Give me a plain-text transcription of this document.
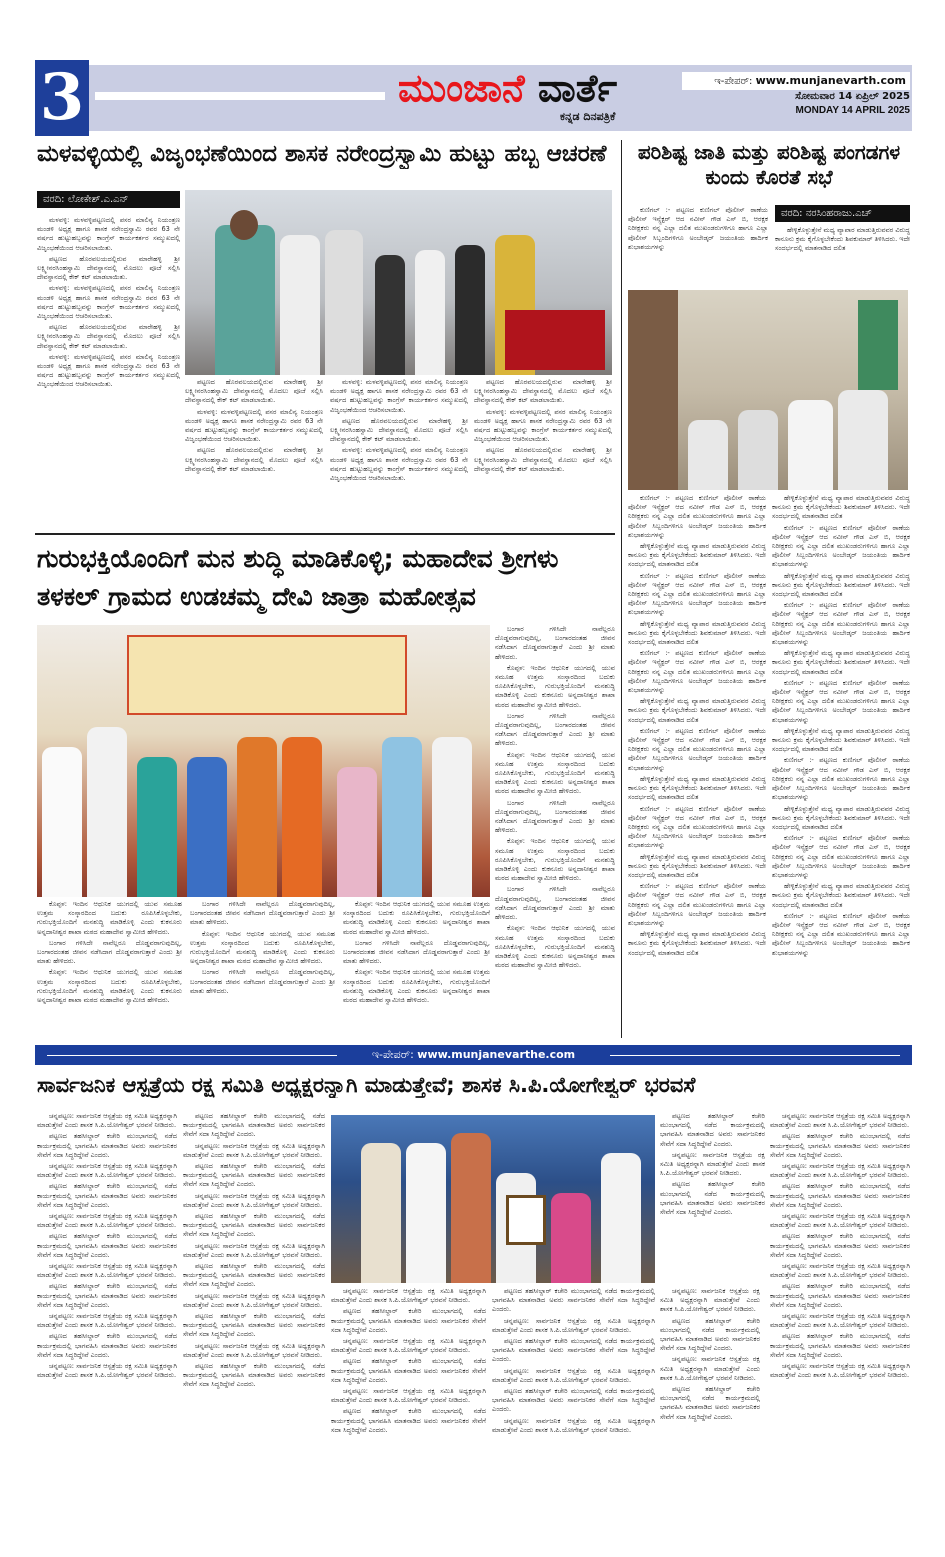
3	ಮುಂಜಾನೆ ವಾರ್ತೆ
ಕನ್ನಡ ದಿನಪತ್ರಿಕೆ
ಇ-ಪೇಪರ್: www.munjanevarth.com
ಸೋಮವಾರ 14 ಏಪ್ರಿಲ್ 2025
MONDAY 14 APRIL 2025
ಮಳವಳ್ಳಿಯಲ್ಲಿ ವಿಜೃಂಭಣೆಯಿಂದ ಶಾಸಕ ನರೇಂದ್ರಸ್ವಾಮಿ ಹುಟ್ಟು ಹಬ್ಬ ಆಚರಣೆ
ವರದಿ: ಲೋಕೇಶ್.ಎ.ಎನ್

ಮಳವಳ್ಳಿ: ಮಳವಳ್ಳಿಪಟ್ಟಣದಲ್ಲಿ ಪಸರ ಮಾಲಿನ್ಯ ನಿಯಂತ್ರಣ ಮಂಡಳಿ ಅಧ್ಯಕ್ಷ ಹಾಗೂ ಶಾಸಕ ನರೇಂದ್ರಸ್ವಾಮಿ ರವರ 63 ನೇ ವರ್ಷದ ಹುಟ್ಟುಹಬ್ಬವನ್ನು ಕಾಂಗ್ರೆಸ್ ಕಾರ್ಯಕರ್ತರ ಸಮ್ಮುಖದಲ್ಲಿ ವಿಜೃಂಭಣೆಯಿಂದ ಆಚರಿಸಲಾಯಿತು.

ಪಟ್ಟಣದ ಹೊರವಲಯದಲ್ಲಿರುವ ಮಾರೇಹಳ್ಳಿ ಶ್ರೀ ಲಕ್ಷ್ಮೀನರಸಿಂಹಸ್ವಾಮಿ ದೇವಸ್ಥಾನದಲ್ಲಿ ಮೊದಲು ಪೂಜೆ ಸಲ್ಲಿಸಿ ದೇವಸ್ಥಾನದಲ್ಲಿ ಕೇಕ್ ಕಟ್ ಮಾಡಲಾಯಿತು.

ಮಳವಳ್ಳಿ: ಮಳವಳ್ಳಿಪಟ್ಟಣದಲ್ಲಿ ಪಸರ ಮಾಲಿನ್ಯ ನಿಯಂತ್ರಣ ಮಂಡಳಿ ಅಧ್ಯಕ್ಷ ಹಾಗೂ ಶಾಸಕ ನರೇಂದ್ರಸ್ವಾಮಿ ರವರ 63 ನೇ ವರ್ಷದ ಹುಟ್ಟುಹಬ್ಬವನ್ನು ಕಾಂಗ್ರೆಸ್ ಕಾರ್ಯಕರ್ತರ ಸಮ್ಮುಖದಲ್ಲಿ ವಿಜೃಂಭಣೆಯಿಂದ ಆಚರಿಸಲಾಯಿತು.

ಪಟ್ಟಣದ ಹೊರವಲಯದಲ್ಲಿರುವ ಮಾರೇಹಳ್ಳಿ ಶ್ರೀ ಲಕ್ಷ್ಮೀನರಸಿಂಹಸ್ವಾಮಿ ದೇವಸ್ಥಾನದಲ್ಲಿ ಮೊದಲು ಪೂಜೆ ಸಲ್ಲಿಸಿ ದೇವಸ್ಥಾನದಲ್ಲಿ ಕೇಕ್ ಕಟ್ ಮಾಡಲಾಯಿತು.

ಮಳವಳ್ಳಿ: ಮಳವಳ್ಳಿಪಟ್ಟಣದಲ್ಲಿ ಪಸರ ಮಾಲಿನ್ಯ ನಿಯಂತ್ರಣ ಮಂಡಳಿ ಅಧ್ಯಕ್ಷ ಹಾಗೂ ಶಾಸಕ ನರೇಂದ್ರಸ್ವಾಮಿ ರವರ 63 ನೇ ವರ್ಷದ ಹುಟ್ಟುಹಬ್ಬವನ್ನು ಕಾಂಗ್ರೆಸ್ ಕಾರ್ಯಕರ್ತರ ಸಮ್ಮುಖದಲ್ಲಿ ವಿಜೃಂಭಣೆಯಿಂದ ಆಚರಿಸಲಾಯಿತು.	ಪಟ್ಟಣದ ಹೊರವಲಯದಲ್ಲಿರುವ ಮಾರೇಹಳ್ಳಿ ಶ್ರೀ ಲಕ್ಷ್ಮೀನರಸಿಂಹಸ್ವಾಮಿ ದೇವಸ್ಥಾನದಲ್ಲಿ ಮೊದಲು ಪೂಜೆ ಸಲ್ಲಿಸಿ ದೇವಸ್ಥಾನದಲ್ಲಿ ಕೇಕ್ ಕಟ್ ಮಾಡಲಾಯಿತು.

ಮಳವಳ್ಳಿ: ಮಳವಳ್ಳಿಪಟ್ಟಣದಲ್ಲಿ ಪಸರ ಮಾಲಿನ್ಯ ನಿಯಂತ್ರಣ ಮಂಡಳಿ ಅಧ್ಯಕ್ಷ ಹಾಗೂ ಶಾಸಕ ನರೇಂದ್ರಸ್ವಾಮಿ ರವರ 63 ನೇ ವರ್ಷದ ಹುಟ್ಟುಹಬ್ಬವನ್ನು ಕಾಂಗ್ರೆಸ್ ಕಾರ್ಯಕರ್ತರ ಸಮ್ಮುಖದಲ್ಲಿ ವಿಜೃಂಭಣೆಯಿಂದ ಆಚರಿಸಲಾಯಿತು.

ಪಟ್ಟಣದ ಹೊರವಲಯದಲ್ಲಿರುವ ಮಾರೇಹಳ್ಳಿ ಶ್ರೀ ಲಕ್ಷ್ಮೀನರಸಿಂಹಸ್ವಾಮಿ ದೇವಸ್ಥಾನದಲ್ಲಿ ಮೊದಲು ಪೂಜೆ ಸಲ್ಲಿಸಿ ದೇವಸ್ಥಾನದಲ್ಲಿ ಕೇಕ್ ಕಟ್ ಮಾಡಲಾಯಿತು.

ಮಳವಳ್ಳಿ: ಮಳವಳ್ಳಿಪಟ್ಟಣದಲ್ಲಿ ಪಸರ ಮಾಲಿನ್ಯ ನಿಯಂತ್ರಣ ಮಂಡಳಿ ಅಧ್ಯಕ್ಷ ಹಾಗೂ ಶಾಸಕ ನರೇಂದ್ರಸ್ವಾಮಿ ರವರ 63 ನೇ ವರ್ಷದ ಹುಟ್ಟುಹಬ್ಬವನ್ನು ಕಾಂಗ್ರೆಸ್ ಕಾರ್ಯಕರ್ತರ ಸಮ್ಮುಖದಲ್ಲಿ ವಿಜೃಂಭಣೆಯಿಂದ ಆಚರಿಸಲಾಯಿತು.

ಪಟ್ಟಣದ ಹೊರವಲಯದಲ್ಲಿರುವ ಮಾರೇಹಳ್ಳಿ ಶ್ರೀ ಲಕ್ಷ್ಮೀನರಸಿಂಹಸ್ವಾಮಿ ದೇವಸ್ಥಾನದಲ್ಲಿ ಮೊದಲು ಪೂಜೆ ಸಲ್ಲಿಸಿ ದೇವಸ್ಥಾನದಲ್ಲಿ ಕೇಕ್ ಕಟ್ ಮಾಡಲಾಯಿತು.

ಮಳವಳ್ಳಿ: ಮಳವಳ್ಳಿಪಟ್ಟಣದಲ್ಲಿ ಪಸರ ಮಾಲಿನ್ಯ ನಿಯಂತ್ರಣ ಮಂಡಳಿ ಅಧ್ಯಕ್ಷ ಹಾಗೂ ಶಾಸಕ ನರೇಂದ್ರಸ್ವಾಮಿ ರವರ 63 ನೇ ವರ್ಷದ ಹುಟ್ಟುಹಬ್ಬವನ್ನು ಕಾಂಗ್ರೆಸ್ ಕಾರ್ಯಕರ್ತರ ಸಮ್ಮುಖದಲ್ಲಿ ವಿಜೃಂಭಣೆಯಿಂದ ಆಚರಿಸಲಾಯಿತು.

ಪಟ್ಟಣದ ಹೊರವಲಯದಲ್ಲಿರುವ ಮಾರೇಹಳ್ಳಿ ಶ್ರೀ ಲಕ್ಷ್ಮೀನರಸಿಂಹಸ್ವಾಮಿ ದೇವಸ್ಥಾನದಲ್ಲಿ ಮೊದಲು ಪೂಜೆ ಸಲ್ಲಿಸಿ ದೇವಸ್ಥಾನದಲ್ಲಿ ಕೇಕ್ ಕಟ್ ಮಾಡಲಾಯಿತು.

ಮಳವಳ್ಳಿ: ಮಳವಳ್ಳಿಪಟ್ಟಣದಲ್ಲಿ ಪಸರ ಮಾಲಿನ್ಯ ನಿಯಂತ್ರಣ ಮಂಡಳಿ ಅಧ್ಯಕ್ಷ ಹಾಗೂ ಶಾಸಕ ನರೇಂದ್ರಸ್ವಾಮಿ ರವರ 63 ನೇ ವರ್ಷದ ಹುಟ್ಟುಹಬ್ಬವನ್ನು ಕಾಂಗ್ರೆಸ್ ಕಾರ್ಯಕರ್ತರ ಸಮ್ಮುಖದಲ್ಲಿ ವಿಜೃಂಭಣೆಯಿಂದ ಆಚರಿಸಲಾಯಿತು.

ಪಟ್ಟಣದ ಹೊರವಲಯದಲ್ಲಿರುವ ಮಾರೇಹಳ್ಳಿ ಶ್ರೀ ಲಕ್ಷ್ಮೀನರಸಿಂಹಸ್ವಾಮಿ ದೇವಸ್ಥಾನದಲ್ಲಿ ಮೊದಲು ಪೂಜೆ ಸಲ್ಲಿಸಿ ದೇವಸ್ಥಾನದಲ್ಲಿ ಕೇಕ್ ಕಟ್ ಮಾಡಲಾಯಿತು.

ಪರಿಶಿಷ್ಟ ಜಾತಿ ಮತ್ತು ಪರಿಶಿಷ್ಟ ಪಂಗಡಗಳ ಕುಂದು ಕೊರತೆ ಸಭೆ

ಕುಣಿಗಲ್ :- ಪಟ್ಟಣದ ಕುಣಿಗಲ್ ಪೊಲೀಸ್ ಠಾಣೆಯ ಪೊಲೀಸ್ ಇನ್ಸ್ಪೆಕ್ಟರ್ ಆದ ನವೀನ್ ಗೌಡ ಎಸ್ ಬಿ, ಆರಕ್ಷಕ ನಿರೀಕ್ಷಕರು ನನ್ನ ಎಲ್ಲಾ ದಲಿತ ಮುಖಂಡರುಗಳಿಗೂ ಹಾಗೂ ಎಲ್ಲಾ ಪೊಲೀಸ್ ಸಿಬ್ಬಂದಿಗಳಿಗೂ ಅಂಬೇಡ್ಕರ್ ಜಯಂತಿಯ ಹಾರ್ದಿಕ ಶುಭಾಶಯಗಳನ್ನು

ವರದಿ: ನರಸಿಂಹರಾಜು.ಎಚ್

ಹೇಳ್ಳಿಕೊಳ್ಳುತ್ತೇನೆ ಮಧ್ಯ ವ್ಯಾಪಾರ ಮಾಡುತ್ತಿರುವವರ ವಿರುದ್ಧ ಕಾನೂನು ಕ್ರಮ ಕೈಗೊಳ್ಳಬೇಕೆಂದು ಶಿವಕುಮಾರ್ ತಿಳಿಸಿದರು. ಇದೇ ಸಂದರ್ಭದಲ್ಲಿ ಮಾತನಾಡಿದ ದಲಿತ

ಕುಣಿಗಲ್ :- ಪಟ್ಟಣದ ಕುಣಿಗಲ್ ಪೊಲೀಸ್ ಠಾಣೆಯ ಪೊಲೀಸ್ ಇನ್ಸ್ಪೆಕ್ಟರ್ ಆದ ನವೀನ್ ಗೌಡ ಎಸ್ ಬಿ, ಆರಕ್ಷಕ ನಿರೀಕ್ಷಕರು ನನ್ನ ಎಲ್ಲಾ ದಲಿತ ಮುಖಂಡರುಗಳಿಗೂ ಹಾಗೂ ಎಲ್ಲಾ ಪೊಲೀಸ್ ಸಿಬ್ಬಂದಿಗಳಿಗೂ ಅಂಬೇಡ್ಕರ್ ಜಯಂತಿಯ ಹಾರ್ದಿಕ ಶುಭಾಶಯಗಳನ್ನು

ಹೇಳ್ಳಿಕೊಳ್ಳುತ್ತೇನೆ ಮಧ್ಯ ವ್ಯಾಪಾರ ಮಾಡುತ್ತಿರುವವರ ವಿರುದ್ಧ ಕಾನೂನು ಕ್ರಮ ಕೈಗೊಳ್ಳಬೇಕೆಂದು ಶಿವಕುಮಾರ್ ತಿಳಿಸಿದರು. ಇದೇ ಸಂದರ್ಭದಲ್ಲಿ ಮಾತನಾಡಿದ ದಲಿತ

ಕುಣಿಗಲ್ :- ಪಟ್ಟಣದ ಕುಣಿಗಲ್ ಪೊಲೀಸ್ ಠಾಣೆಯ ಪೊಲೀಸ್ ಇನ್ಸ್ಪೆಕ್ಟರ್ ಆದ ನವೀನ್ ಗೌಡ ಎಸ್ ಬಿ, ಆರಕ್ಷಕ ನಿರೀಕ್ಷಕರು ನನ್ನ ಎಲ್ಲಾ ದಲಿತ ಮುಖಂಡರುಗಳಿಗೂ ಹಾಗೂ ಎಲ್ಲಾ ಪೊಲೀಸ್ ಸಿಬ್ಬಂದಿಗಳಿಗೂ ಅಂಬೇಡ್ಕರ್ ಜಯಂತಿಯ ಹಾರ್ದಿಕ ಶುಭಾಶಯಗಳನ್ನು

ಹೇಳ್ಳಿಕೊಳ್ಳುತ್ತೇನೆ ಮಧ್ಯ ವ್ಯಾಪಾರ ಮಾಡುತ್ತಿರುವವರ ವಿರುದ್ಧ ಕಾನೂನು ಕ್ರಮ ಕೈಗೊಳ್ಳಬೇಕೆಂದು ಶಿವಕುಮಾರ್ ತಿಳಿಸಿದರು. ಇದೇ ಸಂದರ್ಭದಲ್ಲಿ ಮಾತನಾಡಿದ ದಲಿತ

ಕುಣಿಗಲ್ :- ಪಟ್ಟಣದ ಕುಣಿಗಲ್ ಪೊಲೀಸ್ ಠಾಣೆಯ ಪೊಲೀಸ್ ಇನ್ಸ್ಪೆಕ್ಟರ್ ಆದ ನವೀನ್ ಗೌಡ ಎಸ್ ಬಿ, ಆರಕ್ಷಕ ನಿರೀಕ್ಷಕರು ನನ್ನ ಎಲ್ಲಾ ದಲಿತ ಮುಖಂಡರುಗಳಿಗೂ ಹಾಗೂ ಎಲ್ಲಾ ಪೊಲೀಸ್ ಸಿಬ್ಬಂದಿಗಳಿಗೂ ಅಂಬೇಡ್ಕರ್ ಜಯಂತಿಯ ಹಾರ್ದಿಕ ಶುಭಾಶಯಗಳನ್ನು

ಹೇಳ್ಳಿಕೊಳ್ಳುತ್ತೇನೆ ಮಧ್ಯ ವ್ಯಾಪಾರ ಮಾಡುತ್ತಿರುವವರ ವಿರುದ್ಧ ಕಾನೂನು ಕ್ರಮ ಕೈಗೊಳ್ಳಬೇಕೆಂದು ಶಿವಕುಮಾರ್ ತಿಳಿಸಿದರು. ಇದೇ ಸಂದರ್ಭದಲ್ಲಿ ಮಾತನಾಡಿದ ದಲಿತ

ಕುಣಿಗಲ್ :- ಪಟ್ಟಣದ ಕುಣಿಗಲ್ ಪೊಲೀಸ್ ಠಾಣೆಯ ಪೊಲೀಸ್ ಇನ್ಸ್ಪೆಕ್ಟರ್ ಆದ ನವೀನ್ ಗೌಡ ಎಸ್ ಬಿ, ಆರಕ್ಷಕ ನಿರೀಕ್ಷಕರು ನನ್ನ ಎಲ್ಲಾ ದಲಿತ ಮುಖಂಡರುಗಳಿಗೂ ಹಾಗೂ ಎಲ್ಲಾ ಪೊಲೀಸ್ ಸಿಬ್ಬಂದಿಗಳಿಗೂ ಅಂಬೇಡ್ಕರ್ ಜಯಂತಿಯ ಹಾರ್ದಿಕ ಶುಭಾಶಯಗಳನ್ನು

ಹೇಳ್ಳಿಕೊಳ್ಳುತ್ತೇನೆ ಮಧ್ಯ ವ್ಯಾಪಾರ ಮಾಡುತ್ತಿರುವವರ ವಿರುದ್ಧ ಕಾನೂನು ಕ್ರಮ ಕೈಗೊಳ್ಳಬೇಕೆಂದು ಶಿವಕುಮಾರ್ ತಿಳಿಸಿದರು. ಇದೇ ಸಂದರ್ಭದಲ್ಲಿ ಮಾತನಾಡಿದ ದಲಿತ

ಕುಣಿಗಲ್ :- ಪಟ್ಟಣದ ಕುಣಿಗಲ್ ಪೊಲೀಸ್ ಠಾಣೆಯ ಪೊಲೀಸ್ ಇನ್ಸ್ಪೆಕ್ಟರ್ ಆದ ನವೀನ್ ಗೌಡ ಎಸ್ ಬಿ, ಆರಕ್ಷಕ ನಿರೀಕ್ಷಕರು ನನ್ನ ಎಲ್ಲಾ ದಲಿತ ಮುಖಂಡರುಗಳಿಗೂ ಹಾಗೂ ಎಲ್ಲಾ ಪೊಲೀಸ್ ಸಿಬ್ಬಂದಿಗಳಿಗೂ ಅಂಬೇಡ್ಕರ್ ಜಯಂತಿಯ ಹಾರ್ದಿಕ ಶುಭಾಶಯಗಳನ್ನು

ಹೇಳ್ಳಿಕೊಳ್ಳುತ್ತೇನೆ ಮಧ್ಯ ವ್ಯಾಪಾರ ಮಾಡುತ್ತಿರುವವರ ವಿರುದ್ಧ ಕಾನೂನು ಕ್ರಮ ಕೈಗೊಳ್ಳಬೇಕೆಂದು ಶಿವಕುಮಾರ್ ತಿಳಿಸಿದರು. ಇದೇ ಸಂದರ್ಭದಲ್ಲಿ ಮಾತನಾಡಿದ ದಲಿತ

ಕುಣಿಗಲ್ :- ಪಟ್ಟಣದ ಕುಣಿಗಲ್ ಪೊಲೀಸ್ ಠಾಣೆಯ ಪೊಲೀಸ್ ಇನ್ಸ್ಪೆಕ್ಟರ್ ಆದ ನವೀನ್ ಗೌಡ ಎಸ್ ಬಿ, ಆರಕ್ಷಕ ನಿರೀಕ್ಷಕರು ನನ್ನ ಎಲ್ಲಾ ದಲಿತ ಮುಖಂಡರುಗಳಿಗೂ ಹಾಗೂ ಎಲ್ಲಾ ಪೊಲೀಸ್ ಸಿಬ್ಬಂದಿಗಳಿಗೂ ಅಂಬೇಡ್ಕರ್ ಜಯಂತಿಯ ಹಾರ್ದಿಕ ಶುಭಾಶಯಗಳನ್ನು

ಹೇಳ್ಳಿಕೊಳ್ಳುತ್ತೇನೆ ಮಧ್ಯ ವ್ಯಾಪಾರ ಮಾಡುತ್ತಿರುವವರ ವಿರುದ್ಧ ಕಾನೂನು ಕ್ರಮ ಕೈಗೊಳ್ಳಬೇಕೆಂದು ಶಿವಕುಮಾರ್ ತಿಳಿಸಿದರು. ಇದೇ ಸಂದರ್ಭದಲ್ಲಿ ಮಾತನಾಡಿದ ದಲಿತ

ಹೇಳ್ಳಿಕೊಳ್ಳುತ್ತೇನೆ ಮಧ್ಯ ವ್ಯಾಪಾರ ಮಾಡುತ್ತಿರುವವರ ವಿರುದ್ಧ ಕಾನೂನು ಕ್ರಮ ಕೈಗೊಳ್ಳಬೇಕೆಂದು ಶಿವಕುಮಾರ್ ತಿಳಿಸಿದರು. ಇದೇ ಸಂದರ್ಭದಲ್ಲಿ ಮಾತನಾಡಿದ ದಲಿತ

ಕುಣಿಗಲ್ :- ಪಟ್ಟಣದ ಕುಣಿಗಲ್ ಪೊಲೀಸ್ ಠಾಣೆಯ ಪೊಲೀಸ್ ಇನ್ಸ್ಪೆಕ್ಟರ್ ಆದ ನವೀನ್ ಗೌಡ ಎಸ್ ಬಿ, ಆರಕ್ಷಕ ನಿರೀಕ್ಷಕರು ನನ್ನ ಎಲ್ಲಾ ದಲಿತ ಮುಖಂಡರುಗಳಿಗೂ ಹಾಗೂ ಎಲ್ಲಾ ಪೊಲೀಸ್ ಸಿಬ್ಬಂದಿಗಳಿಗೂ ಅಂಬೇಡ್ಕರ್ ಜಯಂತಿಯ ಹಾರ್ದಿಕ ಶುಭಾಶಯಗಳನ್ನು

ಹೇಳ್ಳಿಕೊಳ್ಳುತ್ತೇನೆ ಮಧ್ಯ ವ್ಯಾಪಾರ ಮಾಡುತ್ತಿರುವವರ ವಿರುದ್ಧ ಕಾನೂನು ಕ್ರಮ ಕೈಗೊಳ್ಳಬೇಕೆಂದು ಶಿವಕುಮಾರ್ ತಿಳಿಸಿದರು. ಇದೇ ಸಂದರ್ಭದಲ್ಲಿ ಮಾತನಾಡಿದ ದಲಿತ

ಕುಣಿಗಲ್ :- ಪಟ್ಟಣದ ಕುಣಿಗಲ್ ಪೊಲೀಸ್ ಠಾಣೆಯ ಪೊಲೀಸ್ ಇನ್ಸ್ಪೆಕ್ಟರ್ ಆದ ನವೀನ್ ಗೌಡ ಎಸ್ ಬಿ, ಆರಕ್ಷಕ ನಿರೀಕ್ಷಕರು ನನ್ನ ಎಲ್ಲಾ ದಲಿತ ಮುಖಂಡರುಗಳಿಗೂ ಹಾಗೂ ಎಲ್ಲಾ ಪೊಲೀಸ್ ಸಿಬ್ಬಂದಿಗಳಿಗೂ ಅಂಬೇಡ್ಕರ್ ಜಯಂತಿಯ ಹಾರ್ದಿಕ ಶುಭಾಶಯಗಳನ್ನು

ಹೇಳ್ಳಿಕೊಳ್ಳುತ್ತೇನೆ ಮಧ್ಯ ವ್ಯಾಪಾರ ಮಾಡುತ್ತಿರುವವರ ವಿರುದ್ಧ ಕಾನೂನು ಕ್ರಮ ಕೈಗೊಳ್ಳಬೇಕೆಂದು ಶಿವಕುಮಾರ್ ತಿಳಿಸಿದರು. ಇದೇ ಸಂದರ್ಭದಲ್ಲಿ ಮಾತನಾಡಿದ ದಲಿತ

ಕುಣಿಗಲ್ :- ಪಟ್ಟಣದ ಕುಣಿಗಲ್ ಪೊಲೀಸ್ ಠಾಣೆಯ ಪೊಲೀಸ್ ಇನ್ಸ್ಪೆಕ್ಟರ್ ಆದ ನವೀನ್ ಗೌಡ ಎಸ್ ಬಿ, ಆರಕ್ಷಕ ನಿರೀಕ್ಷಕರು ನನ್ನ ಎಲ್ಲಾ ದಲಿತ ಮುಖಂಡರುಗಳಿಗೂ ಹಾಗೂ ಎಲ್ಲಾ ಪೊಲೀಸ್ ಸಿಬ್ಬಂದಿಗಳಿಗೂ ಅಂಬೇಡ್ಕರ್ ಜಯಂತಿಯ ಹಾರ್ದಿಕ ಶುಭಾಶಯಗಳನ್ನು

ಹೇಳ್ಳಿಕೊಳ್ಳುತ್ತೇನೆ ಮಧ್ಯ ವ್ಯಾಪಾರ ಮಾಡುತ್ತಿರುವವರ ವಿರುದ್ಧ ಕಾನೂನು ಕ್ರಮ ಕೈಗೊಳ್ಳಬೇಕೆಂದು ಶಿವಕುಮಾರ್ ತಿಳಿಸಿದರು. ಇದೇ ಸಂದರ್ಭದಲ್ಲಿ ಮಾತನಾಡಿದ ದಲಿತ

ಕುಣಿಗಲ್ :- ಪಟ್ಟಣದ ಕುಣಿಗಲ್ ಪೊಲೀಸ್ ಠಾಣೆಯ ಪೊಲೀಸ್ ಇನ್ಸ್ಪೆಕ್ಟರ್ ಆದ ನವೀನ್ ಗೌಡ ಎಸ್ ಬಿ, ಆರಕ್ಷಕ ನಿರೀಕ್ಷಕರು ನನ್ನ ಎಲ್ಲಾ ದಲಿತ ಮುಖಂಡರುಗಳಿಗೂ ಹಾಗೂ ಎಲ್ಲಾ ಪೊಲೀಸ್ ಸಿಬ್ಬಂದಿಗಳಿಗೂ ಅಂಬೇಡ್ಕರ್ ಜಯಂತಿಯ ಹಾರ್ದಿಕ ಶುಭಾಶಯಗಳನ್ನು

ಹೇಳ್ಳಿಕೊಳ್ಳುತ್ತೇನೆ ಮಧ್ಯ ವ್ಯಾಪಾರ ಮಾಡುತ್ತಿರುವವರ ವಿರುದ್ಧ ಕಾನೂನು ಕ್ರಮ ಕೈಗೊಳ್ಳಬೇಕೆಂದು ಶಿವಕುಮಾರ್ ತಿಳಿಸಿದರು. ಇದೇ ಸಂದರ್ಭದಲ್ಲಿ ಮಾತನಾಡಿದ ದಲಿತ

ಕುಣಿಗಲ್ :- ಪಟ್ಟಣದ ಕುಣಿಗಲ್ ಪೊಲೀಸ್ ಠಾಣೆಯ ಪೊಲೀಸ್ ಇನ್ಸ್ಪೆಕ್ಟರ್ ಆದ ನವೀನ್ ಗೌಡ ಎಸ್ ಬಿ, ಆರಕ್ಷಕ ನಿರೀಕ್ಷಕರು ನನ್ನ ಎಲ್ಲಾ ದಲಿತ ಮುಖಂಡರುಗಳಿಗೂ ಹಾಗೂ ಎಲ್ಲಾ ಪೊಲೀಸ್ ಸಿಬ್ಬಂದಿಗಳಿಗೂ ಅಂಬೇಡ್ಕರ್ ಜಯಂತಿಯ ಹಾರ್ದಿಕ ಶುಭಾಶಯಗಳನ್ನು

ಹೇಳ್ಳಿಕೊಳ್ಳುತ್ತೇನೆ ಮಧ್ಯ ವ್ಯಾಪಾರ ಮಾಡುತ್ತಿರುವವರ ವಿರುದ್ಧ ಕಾನೂನು ಕ್ರಮ ಕೈಗೊಳ್ಳಬೇಕೆಂದು ಶಿವಕುಮಾರ್ ತಿಳಿಸಿದರು. ಇದೇ ಸಂದರ್ಭದಲ್ಲಿ ಮಾತನಾಡಿದ ದಲಿತ

ಕುಣಿಗಲ್ :- ಪಟ್ಟಣದ ಕುಣಿಗಲ್ ಪೊಲೀಸ್ ಠಾಣೆಯ ಪೊಲೀಸ್ ಇನ್ಸ್ಪೆಕ್ಟರ್ ಆದ ನವೀನ್ ಗೌಡ ಎಸ್ ಬಿ, ಆರಕ್ಷಕ ನಿರೀಕ್ಷಕರು ನನ್ನ ಎಲ್ಲಾ ದಲಿತ ಮುಖಂಡರುಗಳಿಗೂ ಹಾಗೂ ಎಲ್ಲಾ ಪೊಲೀಸ್ ಸಿಬ್ಬಂದಿಗಳಿಗೂ ಅಂಬೇಡ್ಕರ್ ಜಯಂತಿಯ ಹಾರ್ದಿಕ ಶುಭಾಶಯಗಳನ್ನು

ಗುರುಭಕ್ತಿಯೊಂದಿಗೆ ಮನ ಶುದ್ಧಿ ಮಾಡಿಕೊಳ್ಳಿ; ಮಹಾದೇವ ಶ್ರೀಗಳು ತಳಕಲ್ ಗ್ರಾಮದ ಉಡಚಮ್ಮ ದೇವಿ ಜಾತ್ರಾ ಮಹೋತ್ಸವ

ಬಂಗಾರ ಗಳಿಸಿದೇ ನಾವೆಲ್ಲರೂ ದೊಡ್ಡವರಾಗುವುದಿಲ್ಲ, ಬಂಗಾರದಂತಹ ಜೀವನ ನಡೆಸಿದಾಗ ದೊಡ್ಡವರಾಗುತ್ತಾರೆ ಎಂದು ಶ್ರೀ ಮಾತು ಹೇಳಿದರು.

ಕೊಪ್ಪಳ: ಇಂದಿನ ಆಧುನಿಕ ಯುಗದಲ್ಲಿ ಯುವ ಸಮೂಹ ಉತ್ತಮ ಸಂಸ್ಕಾರದಿಂದ ಬದುಕು ರೂಪಿಸಿಕೊಳ್ಳಬೇಕು, ಗುರುಭಕ್ತಿಯೊಂದಿಗೆ ಮನಶುದ್ಧಿ ಮಾಡಿಕೊಳ್ಳಿ ಎಂದು ಕುಕನೂರು ಅನ್ನದಾನೀಶ್ವರ ಶಾಖಾ ಮಠದ ಮಹಾದೇವ ಸ್ವಾಮೀಜಿ ಹೇಳಿದರು.

ಬಂಗಾರ ಗಳಿಸಿದೇ ನಾವೆಲ್ಲರೂ ದೊಡ್ಡವರಾಗುವುದಿಲ್ಲ, ಬಂಗಾರದಂತಹ ಜೀವನ ನಡೆಸಿದಾಗ ದೊಡ್ಡವರಾಗುತ್ತಾರೆ ಎಂದು ಶ್ರೀ ಮಾತು ಹೇಳಿದರು.

ಕೊಪ್ಪಳ: ಇಂದಿನ ಆಧುನಿಕ ಯುಗದಲ್ಲಿ ಯುವ ಸಮೂಹ ಉತ್ತಮ ಸಂಸ್ಕಾರದಿಂದ ಬದುಕು ರೂಪಿಸಿಕೊಳ್ಳಬೇಕು, ಗುರುಭಕ್ತಿಯೊಂದಿಗೆ ಮನಶುದ್ಧಿ ಮಾಡಿಕೊಳ್ಳಿ ಎಂದು ಕುಕನೂರು ಅನ್ನದಾನೀಶ್ವರ ಶಾಖಾ ಮಠದ ಮಹಾದೇವ ಸ್ವಾಮೀಜಿ ಹೇಳಿದರು.

ಬಂಗಾರ ಗಳಿಸಿದೇ ನಾವೆಲ್ಲರೂ ದೊಡ್ಡವರಾಗುವುದಿಲ್ಲ, ಬಂಗಾರದಂತಹ ಜೀವನ ನಡೆಸಿದಾಗ ದೊಡ್ಡವರಾಗುತ್ತಾರೆ ಎಂದು ಶ್ರೀ ಮಾತು ಹೇಳಿದರು.

ಕೊಪ್ಪಳ: ಇಂದಿನ ಆಧುನಿಕ ಯುಗದಲ್ಲಿ ಯುವ ಸಮೂಹ ಉತ್ತಮ ಸಂಸ್ಕಾರದಿಂದ ಬದುಕು ರೂಪಿಸಿಕೊಳ್ಳಬೇಕು, ಗುರುಭಕ್ತಿಯೊಂದಿಗೆ ಮನಶುದ್ಧಿ ಮಾಡಿಕೊಳ್ಳಿ ಎಂದು ಕುಕನೂರು ಅನ್ನದಾನೀಶ್ವರ ಶಾಖಾ ಮಠದ ಮಹಾದೇವ ಸ್ವಾಮೀಜಿ ಹೇಳಿದರು.

ಬಂಗಾರ ಗಳಿಸಿದೇ ನಾವೆಲ್ಲರೂ ದೊಡ್ಡವರಾಗುವುದಿಲ್ಲ, ಬಂಗಾರದಂತಹ ಜೀವನ ನಡೆಸಿದಾಗ ದೊಡ್ಡವರಾಗುತ್ತಾರೆ ಎಂದು ಶ್ರೀ ಮಾತು ಹೇಳಿದರು.

ಕೊಪ್ಪಳ: ಇಂದಿನ ಆಧುನಿಕ ಯುಗದಲ್ಲಿ ಯುವ ಸಮೂಹ ಉತ್ತಮ ಸಂಸ್ಕಾರದಿಂದ ಬದುಕು ರೂಪಿಸಿಕೊಳ್ಳಬೇಕು, ಗುರುಭಕ್ತಿಯೊಂದಿಗೆ ಮನಶುದ್ಧಿ ಮಾಡಿಕೊಳ್ಳಿ ಎಂದು ಕುಕನೂರು ಅನ್ನದಾನೀಶ್ವರ ಶಾಖಾ ಮಠದ ಮಹಾದೇವ ಸ್ವಾಮೀಜಿ ಹೇಳಿದರು.

ಕೊಪ್ಪಳ: ಇಂದಿನ ಆಧುನಿಕ ಯುಗದಲ್ಲಿ ಯುವ ಸಮೂಹ ಉತ್ತಮ ಸಂಸ್ಕಾರದಿಂದ ಬದುಕು ರೂಪಿಸಿಕೊಳ್ಳಬೇಕು, ಗುರುಭಕ್ತಿಯೊಂದಿಗೆ ಮನಶುದ್ಧಿ ಮಾಡಿಕೊಳ್ಳಿ ಎಂದು ಕುಕನೂರು ಅನ್ನದಾನೀಶ್ವರ ಶಾಖಾ ಮಠದ ಮಹಾದೇವ ಸ್ವಾಮೀಜಿ ಹೇಳಿದರು.

ಬಂಗಾರ ಗಳಿಸಿದೇ ನಾವೆಲ್ಲರೂ ದೊಡ್ಡವರಾಗುವುದಿಲ್ಲ, ಬಂಗಾರದಂತಹ ಜೀವನ ನಡೆಸಿದಾಗ ದೊಡ್ಡವರಾಗುತ್ತಾರೆ ಎಂದು ಶ್ರೀ ಮಾತು ಹೇಳಿದರು.

ಕೊಪ್ಪಳ: ಇಂದಿನ ಆಧುನಿಕ ಯುಗದಲ್ಲಿ ಯುವ ಸಮೂಹ ಉತ್ತಮ ಸಂಸ್ಕಾರದಿಂದ ಬದುಕು ರೂಪಿಸಿಕೊಳ್ಳಬೇಕು, ಗುರುಭಕ್ತಿಯೊಂದಿಗೆ ಮನಶುದ್ಧಿ ಮಾಡಿಕೊಳ್ಳಿ ಎಂದು ಕುಕನೂರು ಅನ್ನದಾನೀಶ್ವರ ಶಾಖಾ ಮಠದ ಮಹಾದೇವ ಸ್ವಾಮೀಜಿ ಹೇಳಿದರು.

ಬಂಗಾರ ಗಳಿಸಿದೇ ನಾವೆಲ್ಲರೂ ದೊಡ್ಡವರಾಗುವುದಿಲ್ಲ, ಬಂಗಾರದಂತಹ ಜೀವನ ನಡೆಸಿದಾಗ ದೊಡ್ಡವರಾಗುತ್ತಾರೆ ಎಂದು ಶ್ರೀ ಮಾತು ಹೇಳಿದರು.

ಕೊಪ್ಪಳ: ಇಂದಿನ ಆಧುನಿಕ ಯುಗದಲ್ಲಿ ಯುವ ಸಮೂಹ ಉತ್ತಮ ಸಂಸ್ಕಾರದಿಂದ ಬದುಕು ರೂಪಿಸಿಕೊಳ್ಳಬೇಕು, ಗುರುಭಕ್ತಿಯೊಂದಿಗೆ ಮನಶುದ್ಧಿ ಮಾಡಿಕೊಳ್ಳಿ ಎಂದು ಕುಕನೂರು ಅನ್ನದಾನೀಶ್ವರ ಶಾಖಾ ಮಠದ ಮಹಾದೇವ ಸ್ವಾಮೀಜಿ ಹೇಳಿದರು.

ಬಂಗಾರ ಗಳಿಸಿದೇ ನಾವೆಲ್ಲರೂ ದೊಡ್ಡವರಾಗುವುದಿಲ್ಲ, ಬಂಗಾರದಂತಹ ಜೀವನ ನಡೆಸಿದಾಗ ದೊಡ್ಡವರಾಗುತ್ತಾರೆ ಎಂದು ಶ್ರೀ ಮಾತು ಹೇಳಿದರು.

ಕೊಪ್ಪಳ: ಇಂದಿನ ಆಧುನಿಕ ಯುಗದಲ್ಲಿ ಯುವ ಸಮೂಹ ಉತ್ತಮ ಸಂಸ್ಕಾರದಿಂದ ಬದುಕು ರೂಪಿಸಿಕೊಳ್ಳಬೇಕು, ಗುರುಭಕ್ತಿಯೊಂದಿಗೆ ಮನಶುದ್ಧಿ ಮಾಡಿಕೊಳ್ಳಿ ಎಂದು ಕುಕನೂರು ಅನ್ನದಾನೀಶ್ವರ ಶಾಖಾ ಮಠದ ಮಹಾದೇವ ಸ್ವಾಮೀಜಿ ಹೇಳಿದರು.

ಬಂಗಾರ ಗಳಿಸಿದೇ ನಾವೆಲ್ಲರೂ ದೊಡ್ಡವರಾಗುವುದಿಲ್ಲ, ಬಂಗಾರದಂತಹ ಜೀವನ ನಡೆಸಿದಾಗ ದೊಡ್ಡವರಾಗುತ್ತಾರೆ ಎಂದು ಶ್ರೀ ಮಾತು ಹೇಳಿದರು.

ಕೊಪ್ಪಳ: ಇಂದಿನ ಆಧುನಿಕ ಯುಗದಲ್ಲಿ ಯುವ ಸಮೂಹ ಉತ್ತಮ ಸಂಸ್ಕಾರದಿಂದ ಬದುಕು ರೂಪಿಸಿಕೊಳ್ಳಬೇಕು, ಗುರುಭಕ್ತಿಯೊಂದಿಗೆ ಮನಶುದ್ಧಿ ಮಾಡಿಕೊಳ್ಳಿ ಎಂದು ಕುಕನೂರು ಅನ್ನದಾನೀಶ್ವರ ಶಾಖಾ ಮಠದ ಮಹಾದೇವ ಸ್ವಾಮೀಜಿ ಹೇಳಿದರು.

ಇ-ಪೇಪರ್: www.munjanevarthe.com
ಸಾರ್ವಜನಿಕ ಆಸ್ಪತ್ರೆಯ ರಕ್ಷ ಸಮಿತಿ ಅಧ್ಯಕ್ಷರನ್ನಾಗಿ ಮಾಡುತ್ತೇವೆ; ಶಾಸಕ ಸಿ.ಪಿ.ಯೋಗೇಶ್ವರ್ ಭರವಸೆ

ಚನ್ನಪಟ್ಟಣ: ಸಾರ್ವಜನಿಕ ಆಸ್ಪತ್ರೆಯ ರಕ್ಷ ಸಮಿತಿ ಅಧ್ಯಕ್ಷರನ್ನಾಗಿ ಮಾಡುತ್ತೇವೆ ಎಂದು ಶಾಸಕ ಸಿ.ಪಿ.ಯೋಗೇಶ್ವರ್ ಭರವಸೆ ನೀಡಿದರು.

ಪಟ್ಟಣದ ತಹಸೀಲ್ದಾರ್ ಕಚೇರಿ ಮುಂಭಾಗದಲ್ಲಿ ನಡೆದ ಕಾರ್ಯಕ್ರಮದಲ್ಲಿ ಭಾಗವಹಿಸಿ ಮಾತನಾಡಿದ ಅವರು ಸಾರ್ವಜನಿಕರ ಸೇವೆಗೆ ಸದಾ ಸಿದ್ಧರಿದ್ದೇವೆ ಎಂದರು.

ಚನ್ನಪಟ್ಟಣ: ಸಾರ್ವಜನಿಕ ಆಸ್ಪತ್ರೆಯ ರಕ್ಷ ಸಮಿತಿ ಅಧ್ಯಕ್ಷರನ್ನಾಗಿ ಮಾಡುತ್ತೇವೆ ಎಂದು ಶಾಸಕ ಸಿ.ಪಿ.ಯೋಗೇಶ್ವರ್ ಭರವಸೆ ನೀಡಿದರು.

ಪಟ್ಟಣದ ತಹಸೀಲ್ದಾರ್ ಕಚೇರಿ ಮುಂಭಾಗದಲ್ಲಿ ನಡೆದ ಕಾರ್ಯಕ್ರಮದಲ್ಲಿ ಭಾಗವಹಿಸಿ ಮಾತನಾಡಿದ ಅವರು ಸಾರ್ವಜನಿಕರ ಸೇವೆಗೆ ಸದಾ ಸಿದ್ಧರಿದ್ದೇವೆ ಎಂದರು.

ಚನ್ನಪಟ್ಟಣ: ಸಾರ್ವಜನಿಕ ಆಸ್ಪತ್ರೆಯ ರಕ್ಷ ಸಮಿತಿ ಅಧ್ಯಕ್ಷರನ್ನಾಗಿ ಮಾಡುತ್ತೇವೆ ಎಂದು ಶಾಸಕ ಸಿ.ಪಿ.ಯೋಗೇಶ್ವರ್ ಭರವಸೆ ನೀಡಿದರು.

ಪಟ್ಟಣದ ತಹಸೀಲ್ದಾರ್ ಕಚೇರಿ ಮುಂಭಾಗದಲ್ಲಿ ನಡೆದ ಕಾರ್ಯಕ್ರಮದಲ್ಲಿ ಭಾಗವಹಿಸಿ ಮಾತನಾಡಿದ ಅವರು ಸಾರ್ವಜನಿಕರ ಸೇವೆಗೆ ಸದಾ ಸಿದ್ಧರಿದ್ದೇವೆ ಎಂದರು.

ಚನ್ನಪಟ್ಟಣ: ಸಾರ್ವಜನಿಕ ಆಸ್ಪತ್ರೆಯ ರಕ್ಷ ಸಮಿತಿ ಅಧ್ಯಕ್ಷರನ್ನಾಗಿ ಮಾಡುತ್ತೇವೆ ಎಂದು ಶಾಸಕ ಸಿ.ಪಿ.ಯೋಗೇಶ್ವರ್ ಭರವಸೆ ನೀಡಿದರು.

ಪಟ್ಟಣದ ತಹಸೀಲ್ದಾರ್ ಕಚೇರಿ ಮುಂಭಾಗದಲ್ಲಿ ನಡೆದ ಕಾರ್ಯಕ್ರಮದಲ್ಲಿ ಭಾಗವಹಿಸಿ ಮಾತನಾಡಿದ ಅವರು ಸಾರ್ವಜನಿಕರ ಸೇವೆಗೆ ಸದಾ ಸಿದ್ಧರಿದ್ದೇವೆ ಎಂದರು.

ಚನ್ನಪಟ್ಟಣ: ಸಾರ್ವಜನಿಕ ಆಸ್ಪತ್ರೆಯ ರಕ್ಷ ಸಮಿತಿ ಅಧ್ಯಕ್ಷರನ್ನಾಗಿ ಮಾಡುತ್ತೇವೆ ಎಂದು ಶಾಸಕ ಸಿ.ಪಿ.ಯೋಗೇಶ್ವರ್ ಭರವಸೆ ನೀಡಿದರು.

ಪಟ್ಟಣದ ತಹಸೀಲ್ದಾರ್ ಕಚೇರಿ ಮುಂಭಾಗದಲ್ಲಿ ನಡೆದ ಕಾರ್ಯಕ್ರಮದಲ್ಲಿ ಭಾಗವಹಿಸಿ ಮಾತನಾಡಿದ ಅವರು ಸಾರ್ವಜನಿಕರ ಸೇವೆಗೆ ಸದಾ ಸಿದ್ಧರಿದ್ದೇವೆ ಎಂದರು.

ಚನ್ನಪಟ್ಟಣ: ಸಾರ್ವಜನಿಕ ಆಸ್ಪತ್ರೆಯ ರಕ್ಷ ಸಮಿತಿ ಅಧ್ಯಕ್ಷರನ್ನಾಗಿ ಮಾಡುತ್ತೇವೆ ಎಂದು ಶಾಸಕ ಸಿ.ಪಿ.ಯೋಗೇಶ್ವರ್ ಭರವಸೆ ನೀಡಿದರು.

ಪಟ್ಟಣದ ತಹಸೀಲ್ದಾರ್ ಕಚೇರಿ ಮುಂಭಾಗದಲ್ಲಿ ನಡೆದ ಕಾರ್ಯಕ್ರಮದಲ್ಲಿ ಭಾಗವಹಿಸಿ ಮಾತನಾಡಿದ ಅವರು ಸಾರ್ವಜನಿಕರ ಸೇವೆಗೆ ಸದಾ ಸಿದ್ಧರಿದ್ದೇವೆ ಎಂದರು.

ಚನ್ನಪಟ್ಟಣ: ಸಾರ್ವಜನಿಕ ಆಸ್ಪತ್ರೆಯ ರಕ್ಷ ಸಮಿತಿ ಅಧ್ಯಕ್ಷರನ್ನಾಗಿ ಮಾಡುತ್ತೇವೆ ಎಂದು ಶಾಸಕ ಸಿ.ಪಿ.ಯೋಗೇಶ್ವರ್ ಭರವಸೆ ನೀಡಿದರು.

ಪಟ್ಟಣದ ತಹಸೀಲ್ದಾರ್ ಕಚೇರಿ ಮುಂಭಾಗದಲ್ಲಿ ನಡೆದ ಕಾರ್ಯಕ್ರಮದಲ್ಲಿ ಭಾಗವಹಿಸಿ ಮಾತನಾಡಿದ ಅವರು ಸಾರ್ವಜನಿಕರ ಸೇವೆಗೆ ಸದಾ ಸಿದ್ಧರಿದ್ದೇವೆ ಎಂದರು.

ಚನ್ನಪಟ್ಟಣ: ಸಾರ್ವಜನಿಕ ಆಸ್ಪತ್ರೆಯ ರಕ್ಷ ಸಮಿತಿ ಅಧ್ಯಕ್ಷರನ್ನಾಗಿ ಮಾಡುತ್ತೇವೆ ಎಂದು ಶಾಸಕ ಸಿ.ಪಿ.ಯೋಗೇಶ್ವರ್ ಭರವಸೆ ನೀಡಿದರು.

ಪಟ್ಟಣದ ತಹಸೀಲ್ದಾರ್ ಕಚೇರಿ ಮುಂಭಾಗದಲ್ಲಿ ನಡೆದ ಕಾರ್ಯಕ್ರಮದಲ್ಲಿ ಭಾಗವಹಿಸಿ ಮಾತನಾಡಿದ ಅವರು ಸಾರ್ವಜನಿಕರ ಸೇವೆಗೆ ಸದಾ ಸಿದ್ಧರಿದ್ದೇವೆ ಎಂದರು.

ಚನ್ನಪಟ್ಟಣ: ಸಾರ್ವಜನಿಕ ಆಸ್ಪತ್ರೆಯ ರಕ್ಷ ಸಮಿತಿ ಅಧ್ಯಕ್ಷರನ್ನಾಗಿ ಮಾಡುತ್ತೇವೆ ಎಂದು ಶಾಸಕ ಸಿ.ಪಿ.ಯೋಗೇಶ್ವರ್ ಭರವಸೆ ನೀಡಿದರು.

ಪಟ್ಟಣದ ತಹಸೀಲ್ದಾರ್ ಕಚೇರಿ ಮುಂಭಾಗದಲ್ಲಿ ನಡೆದ ಕಾರ್ಯಕ್ರಮದಲ್ಲಿ ಭಾಗವಹಿಸಿ ಮಾತನಾಡಿದ ಅವರು ಸಾರ್ವಜನಿಕರ ಸೇವೆಗೆ ಸದಾ ಸಿದ್ಧರಿದ್ದೇವೆ ಎಂದರು.

ಚನ್ನಪಟ್ಟಣ: ಸಾರ್ವಜನಿಕ ಆಸ್ಪತ್ರೆಯ ರಕ್ಷ ಸಮಿತಿ ಅಧ್ಯಕ್ಷರನ್ನಾಗಿ ಮಾಡುತ್ತೇವೆ ಎಂದು ಶಾಸಕ ಸಿ.ಪಿ.ಯೋಗೇಶ್ವರ್ ಭರವಸೆ ನೀಡಿದರು.

ಪಟ್ಟಣದ ತಹಸೀಲ್ದಾರ್ ಕಚೇರಿ ಮುಂಭಾಗದಲ್ಲಿ ನಡೆದ ಕಾರ್ಯಕ್ರಮದಲ್ಲಿ ಭಾಗವಹಿಸಿ ಮಾತನಾಡಿದ ಅವರು ಸಾರ್ವಜನಿಕರ ಸೇವೆಗೆ ಸದಾ ಸಿದ್ಧರಿದ್ದೇವೆ ಎಂದರು.

ಚನ್ನಪಟ್ಟಣ: ಸಾರ್ವಜನಿಕ ಆಸ್ಪತ್ರೆಯ ರಕ್ಷ ಸಮಿತಿ ಅಧ್ಯಕ್ಷರನ್ನಾಗಿ ಮಾಡುತ್ತೇವೆ ಎಂದು ಶಾಸಕ ಸಿ.ಪಿ.ಯೋಗೇಶ್ವರ್ ಭರವಸೆ ನೀಡಿದರು.

ಪಟ್ಟಣದ ತಹಸೀಲ್ದಾರ್ ಕಚೇರಿ ಮುಂಭಾಗದಲ್ಲಿ ನಡೆದ ಕಾರ್ಯಕ್ರಮದಲ್ಲಿ ಭಾಗವಹಿಸಿ ಮಾತನಾಡಿದ ಅವರು ಸಾರ್ವಜನಿಕರ ಸೇವೆಗೆ ಸದಾ ಸಿದ್ಧರಿದ್ದೇವೆ ಎಂದರು.

ಚನ್ನಪಟ್ಟಣ: ಸಾರ್ವಜನಿಕ ಆಸ್ಪತ್ರೆಯ ರಕ್ಷ ಸಮಿತಿ ಅಧ್ಯಕ್ಷರನ್ನಾಗಿ ಮಾಡುತ್ತೇವೆ ಎಂದು ಶಾಸಕ ಸಿ.ಪಿ.ಯೋಗೇಶ್ವರ್ ಭರವಸೆ ನೀಡಿದರು.

ಪಟ್ಟಣದ ತಹಸೀಲ್ದಾರ್ ಕಚೇರಿ ಮುಂಭಾಗದಲ್ಲಿ ನಡೆದ ಕಾರ್ಯಕ್ರಮದಲ್ಲಿ ಭಾಗವಹಿಸಿ ಮಾತನಾಡಿದ ಅವರು ಸಾರ್ವಜನಿಕರ ಸೇವೆಗೆ ಸದಾ ಸಿದ್ಧರಿದ್ದೇವೆ ಎಂದರು.

ಚನ್ನಪಟ್ಟಣ: ಸಾರ್ವಜನಿಕ ಆಸ್ಪತ್ರೆಯ ರಕ್ಷ ಸಮಿತಿ ಅಧ್ಯಕ್ಷರನ್ನಾಗಿ ಮಾಡುತ್ತೇವೆ ಎಂದು ಶಾಸಕ ಸಿ.ಪಿ.ಯೋಗೇಶ್ವರ್ ಭರವಸೆ ನೀಡಿದರು.

ಪಟ್ಟಣದ ತಹಸೀಲ್ದಾರ್ ಕಚೇರಿ ಮುಂಭಾಗದಲ್ಲಿ ನಡೆದ ಕಾರ್ಯಕ್ರಮದಲ್ಲಿ ಭಾಗವಹಿಸಿ ಮಾತನಾಡಿದ ಅವರು ಸಾರ್ವಜನಿಕರ ಸೇವೆಗೆ ಸದಾ ಸಿದ್ಧರಿದ್ದೇವೆ ಎಂದರು.

ಚನ್ನಪಟ್ಟಣ: ಸಾರ್ವಜನಿಕ ಆಸ್ಪತ್ರೆಯ ರಕ್ಷ ಸಮಿತಿ ಅಧ್ಯಕ್ಷರನ್ನಾಗಿ ಮಾಡುತ್ತೇವೆ ಎಂದು ಶಾಸಕ ಸಿ.ಪಿ.ಯೋಗೇಶ್ವರ್ ಭರವಸೆ ನೀಡಿದರು.

ಪಟ್ಟಣದ ತಹಸೀಲ್ದಾರ್ ಕಚೇರಿ ಮುಂಭಾಗದಲ್ಲಿ ನಡೆದ ಕಾರ್ಯಕ್ರಮದಲ್ಲಿ ಭಾಗವಹಿಸಿ ಮಾತನಾಡಿದ ಅವರು ಸಾರ್ವಜನಿಕರ ಸೇವೆಗೆ ಸದಾ ಸಿದ್ಧರಿದ್ದೇವೆ ಎಂದರು.

ಪಟ್ಟಣದ ತಹಸೀಲ್ದಾರ್ ಕಚೇರಿ ಮುಂಭಾಗದಲ್ಲಿ ನಡೆದ ಕಾರ್ಯಕ್ರಮದಲ್ಲಿ ಭಾಗವಹಿಸಿ ಮಾತನಾಡಿದ ಅವರು ಸಾರ್ವಜನಿಕರ ಸೇವೆಗೆ ಸದಾ ಸಿದ್ಧರಿದ್ದೇವೆ ಎಂದರು.

ಚನ್ನಪಟ್ಟಣ: ಸಾರ್ವಜನಿಕ ಆಸ್ಪತ್ರೆಯ ರಕ್ಷ ಸಮಿತಿ ಅಧ್ಯಕ್ಷರನ್ನಾಗಿ ಮಾಡುತ್ತೇವೆ ಎಂದು ಶಾಸಕ ಸಿ.ಪಿ.ಯೋಗೇಶ್ವರ್ ಭರವಸೆ ನೀಡಿದರು.

ಪಟ್ಟಣದ ತಹಸೀಲ್ದಾರ್ ಕಚೇರಿ ಮುಂಭಾಗದಲ್ಲಿ ನಡೆದ ಕಾರ್ಯಕ್ರಮದಲ್ಲಿ ಭಾಗವಹಿಸಿ ಮಾತನಾಡಿದ ಅವರು ಸಾರ್ವಜನಿಕರ ಸೇವೆಗೆ ಸದಾ ಸಿದ್ಧರಿದ್ದೇವೆ ಎಂದರು.

ಚನ್ನಪಟ್ಟಣ: ಸಾರ್ವಜನಿಕ ಆಸ್ಪತ್ರೆಯ ರಕ್ಷ ಸಮಿತಿ ಅಧ್ಯಕ್ಷರನ್ನಾಗಿ ಮಾಡುತ್ತೇವೆ ಎಂದು ಶಾಸಕ ಸಿ.ಪಿ.ಯೋಗೇಶ್ವರ್ ಭರವಸೆ ನೀಡಿದರು.

ಪಟ್ಟಣದ ತಹಸೀಲ್ದಾರ್ ಕಚೇರಿ ಮುಂಭಾಗದಲ್ಲಿ ನಡೆದ ಕಾರ್ಯಕ್ರಮದಲ್ಲಿ ಭಾಗವಹಿಸಿ ಮಾತನಾಡಿದ ಅವರು ಸಾರ್ವಜನಿಕರ ಸೇವೆಗೆ ಸದಾ ಸಿದ್ಧರಿದ್ದೇವೆ ಎಂದರು.

ಚನ್ನಪಟ್ಟಣ: ಸಾರ್ವಜನಿಕ ಆಸ್ಪತ್ರೆಯ ರಕ್ಷ ಸಮಿತಿ ಅಧ್ಯಕ್ಷರನ್ನಾಗಿ ಮಾಡುತ್ತೇವೆ ಎಂದು ಶಾಸಕ ಸಿ.ಪಿ.ಯೋಗೇಶ್ವರ್ ಭರವಸೆ ನೀಡಿದರು.

ಚನ್ನಪಟ್ಟಣ: ಸಾರ್ವಜನಿಕ ಆಸ್ಪತ್ರೆಯ ರಕ್ಷ ಸಮಿತಿ ಅಧ್ಯಕ್ಷರನ್ನಾಗಿ ಮಾಡುತ್ತೇವೆ ಎಂದು ಶಾಸಕ ಸಿ.ಪಿ.ಯೋಗೇಶ್ವರ್ ಭರವಸೆ ನೀಡಿದರು.

ಪಟ್ಟಣದ ತಹಸೀಲ್ದಾರ್ ಕಚೇರಿ ಮುಂಭಾಗದಲ್ಲಿ ನಡೆದ ಕಾರ್ಯಕ್ರಮದಲ್ಲಿ ಭಾಗವಹಿಸಿ ಮಾತನಾಡಿದ ಅವರು ಸಾರ್ವಜನಿಕರ ಸೇವೆಗೆ ಸದಾ ಸಿದ್ಧರಿದ್ದೇವೆ ಎಂದರು.

ಚನ್ನಪಟ್ಟಣ: ಸಾರ್ವಜನಿಕ ಆಸ್ಪತ್ರೆಯ ರಕ್ಷ ಸಮಿತಿ ಅಧ್ಯಕ್ಷರನ್ನಾಗಿ ಮಾಡುತ್ತೇವೆ ಎಂದು ಶಾಸಕ ಸಿ.ಪಿ.ಯೋಗೇಶ್ವರ್ ಭರವಸೆ ನೀಡಿದರು.

ಪಟ್ಟಣದ ತಹಸೀಲ್ದಾರ್ ಕಚೇರಿ ಮುಂಭಾಗದಲ್ಲಿ ನಡೆದ ಕಾರ್ಯಕ್ರಮದಲ್ಲಿ ಭಾಗವಹಿಸಿ ಮಾತನಾಡಿದ ಅವರು ಸಾರ್ವಜನಿಕರ ಸೇವೆಗೆ ಸದಾ ಸಿದ್ಧರಿದ್ದೇವೆ ಎಂದರು.

ಚನ್ನಪಟ್ಟಣ: ಸಾರ್ವಜನಿಕ ಆಸ್ಪತ್ರೆಯ ರಕ್ಷ ಸಮಿತಿ ಅಧ್ಯಕ್ಷರನ್ನಾಗಿ ಮಾಡುತ್ತೇವೆ ಎಂದು ಶಾಸಕ ಸಿ.ಪಿ.ಯೋಗೇಶ್ವರ್ ಭರವಸೆ ನೀಡಿದರು.

ಪಟ್ಟಣದ ತಹಸೀಲ್ದಾರ್ ಕಚೇರಿ ಮುಂಭಾಗದಲ್ಲಿ ನಡೆದ ಕಾರ್ಯಕ್ರಮದಲ್ಲಿ ಭಾಗವಹಿಸಿ ಮಾತನಾಡಿದ ಅವರು ಸಾರ್ವಜನಿಕರ ಸೇವೆಗೆ ಸದಾ ಸಿದ್ಧರಿದ್ದೇವೆ ಎಂದರು.

ಚನ್ನಪಟ್ಟಣ: ಸಾರ್ವಜನಿಕ ಆಸ್ಪತ್ರೆಯ ರಕ್ಷ ಸಮಿತಿ ಅಧ್ಯಕ್ಷರನ್ನಾಗಿ ಮಾಡುತ್ತೇವೆ ಎಂದು ಶಾಸಕ ಸಿ.ಪಿ.ಯೋಗೇಶ್ವರ್ ಭರವಸೆ ನೀಡಿದರು.

ಪಟ್ಟಣದ ತಹಸೀಲ್ದಾರ್ ಕಚೇರಿ ಮುಂಭಾಗದಲ್ಲಿ ನಡೆದ ಕಾರ್ಯಕ್ರಮದಲ್ಲಿ ಭಾಗವಹಿಸಿ ಮಾತನಾಡಿದ ಅವರು ಸಾರ್ವಜನಿಕರ ಸೇವೆಗೆ ಸದಾ ಸಿದ್ಧರಿದ್ದೇವೆ ಎಂದರು.

ಚನ್ನಪಟ್ಟಣ: ಸಾರ್ವಜನಿಕ ಆಸ್ಪತ್ರೆಯ ರಕ್ಷ ಸಮಿತಿ ಅಧ್ಯಕ್ಷರನ್ನಾಗಿ ಮಾಡುತ್ತೇವೆ ಎಂದು ಶಾಸಕ ಸಿ.ಪಿ.ಯೋಗೇಶ್ವರ್ ಭರವಸೆ ನೀಡಿದರು.

ಪಟ್ಟಣದ ತಹಸೀಲ್ದಾರ್ ಕಚೇರಿ ಮುಂಭಾಗದಲ್ಲಿ ನಡೆದ ಕಾರ್ಯಕ್ರಮದಲ್ಲಿ ಭಾಗವಹಿಸಿ ಮಾತನಾಡಿದ ಅವರು ಸಾರ್ವಜನಿಕರ ಸೇವೆಗೆ ಸದಾ ಸಿದ್ಧರಿದ್ದೇವೆ ಎಂದರು.

ಚನ್ನಪಟ್ಟಣ: ಸಾರ್ವಜನಿಕ ಆಸ್ಪತ್ರೆಯ ರಕ್ಷ ಸಮಿತಿ ಅಧ್ಯಕ್ಷರನ್ನಾಗಿ ಮಾಡುತ್ತೇವೆ ಎಂದು ಶಾಸಕ ಸಿ.ಪಿ.ಯೋಗೇಶ್ವರ್ ಭರವಸೆ ನೀಡಿದರು.

ಪಟ್ಟಣದ ತಹಸೀಲ್ದಾರ್ ಕಚೇರಿ ಮುಂಭಾಗದಲ್ಲಿ ನಡೆದ ಕಾರ್ಯಕ್ರಮದಲ್ಲಿ ಭಾಗವಹಿಸಿ ಮಾತನಾಡಿದ ಅವರು ಸಾರ್ವಜನಿಕರ ಸೇವೆಗೆ ಸದಾ ಸಿದ್ಧರಿದ್ದೇವೆ ಎಂದರು.

ಚನ್ನಪಟ್ಟಣ: ಸಾರ್ವಜನಿಕ ಆಸ್ಪತ್ರೆಯ ರಕ್ಷ ಸಮಿತಿ ಅಧ್ಯಕ್ಷರನ್ನಾಗಿ ಮಾಡುತ್ತೇವೆ ಎಂದು ಶಾಸಕ ಸಿ.ಪಿ.ಯೋಗೇಶ್ವರ್ ಭರವಸೆ ನೀಡಿದರು.

ಪಟ್ಟಣದ ತಹಸೀಲ್ದಾರ್ ಕಚೇರಿ ಮುಂಭಾಗದಲ್ಲಿ ನಡೆದ ಕಾರ್ಯಕ್ರಮದಲ್ಲಿ ಭಾಗವಹಿಸಿ ಮಾತನಾಡಿದ ಅವರು ಸಾರ್ವಜನಿಕರ ಸೇವೆಗೆ ಸದಾ ಸಿದ್ಧರಿದ್ದೇವೆ ಎಂದರು.

ಚನ್ನಪಟ್ಟಣ: ಸಾರ್ವಜನಿಕ ಆಸ್ಪತ್ರೆಯ ರಕ್ಷ ಸಮಿತಿ ಅಧ್ಯಕ್ಷರನ್ನಾಗಿ ಮಾಡುತ್ತೇವೆ ಎಂದು ಶಾಸಕ ಸಿ.ಪಿ.ಯೋಗೇಶ್ವರ್ ಭರವಸೆ ನೀಡಿದರು.

ಪಟ್ಟಣದ ತಹಸೀಲ್ದಾರ್ ಕಚೇರಿ ಮುಂಭಾಗದಲ್ಲಿ ನಡೆದ ಕಾರ್ಯಕ್ರಮದಲ್ಲಿ ಭಾಗವಹಿಸಿ ಮಾತನಾಡಿದ ಅವರು ಸಾರ್ವಜನಿಕರ ಸೇವೆಗೆ ಸದಾ ಸಿದ್ಧರಿದ್ದೇವೆ ಎಂದರು.

ಚನ್ನಪಟ್ಟಣ: ಸಾರ್ವಜನಿಕ ಆಸ್ಪತ್ರೆಯ ರಕ್ಷ ಸಮಿತಿ ಅಧ್ಯಕ್ಷರನ್ನಾಗಿ ಮಾಡುತ್ತೇವೆ ಎಂದು ಶಾಸಕ ಸಿ.ಪಿ.ಯೋಗೇಶ್ವರ್ ಭರವಸೆ ನೀಡಿದರು.

ಪಟ್ಟಣದ ತಹಸೀಲ್ದಾರ್ ಕಚೇರಿ ಮುಂಭಾಗದಲ್ಲಿ ನಡೆದ ಕಾರ್ಯಕ್ರಮದಲ್ಲಿ ಭಾಗವಹಿಸಿ ಮಾತನಾಡಿದ ಅವರು ಸಾರ್ವಜನಿಕರ ಸೇವೆಗೆ ಸದಾ ಸಿದ್ಧರಿದ್ದೇವೆ ಎಂದರು.
